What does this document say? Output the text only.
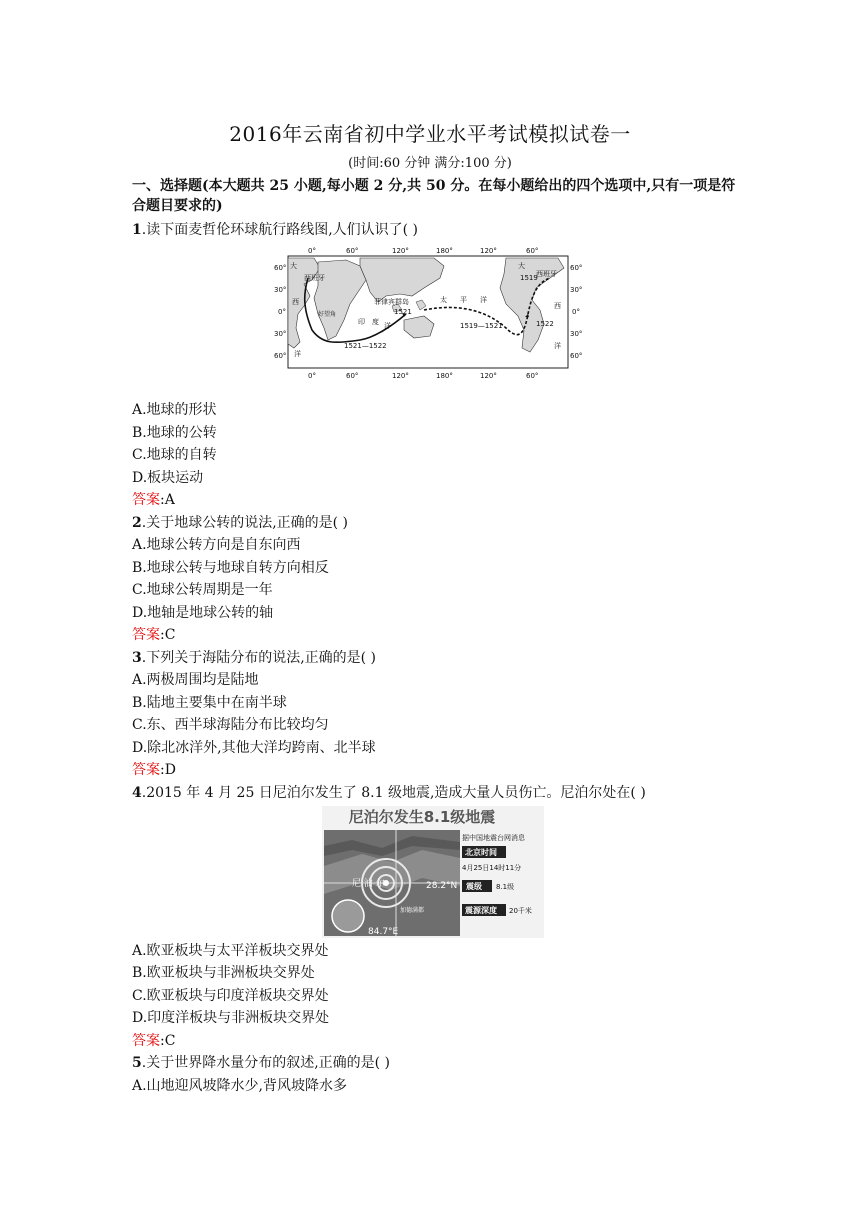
2016年云南省初中学业水平考试模拟试卷一
(时间:60 分钟 满分:100 分)
一、选择题(本大题共 25 小题,每小题 2 分,共 50 分。在每小题给出的四个选项中,只有一项是符合题目要求的)
1.读下面麦哲伦环球航行路线图,人们认识了( )
0°	60°	120°	180°	120°	60°
0°	60°	120°	180°	120°	60°
60°
30°
0°
30°
60°
60°
30°
0°
30°
60°
大
西班牙
西
洋
好望角
菲律宾群岛
1521
印 度 洋
太 平 洋
1519—1521
1521—1522
1519
1522
西班牙
大
西
洋
A.地球的形状
B.地球的公转
C.地球的自转
D.板块运动
答案:A
2.关于地球公转的说法,正确的是( )
A.地球公转方向是自东向西
B.地球公转与地球自转方向相反
C.地球公转周期是一年
D.地轴是地球公转的轴
答案:C
3.下列关于海陆分布的说法,正确的是( )
A.两极周围均是陆地
B.陆地主要集中在南半球
C.东、西半球海陆分布比较均匀
D.除北冰洋外,其他大洋均跨南、北半球
答案:D
4.2015 年 4 月 25 日尼泊尔发生了 8.1 级地震,造成大量人员伤亡。尼泊尔处在( )
尼泊尔发生8.1级地震
尼 泊 尔	28.2°N
84.7°E
加德满都
据中国地震台网消息
北京时间
4月25日14时11分
震级 8.1级
震源深度 20千米
A.欧亚板块与太平洋板块交界处
B.欧亚板块与非洲板块交界处
C.欧亚板块与印度洋板块交界处
D.印度洋板块与非洲板块交界处
答案:C
5.关于世界降水量分布的叙述,正确的是( )
A.山地迎风坡降水少,背风坡降水多
